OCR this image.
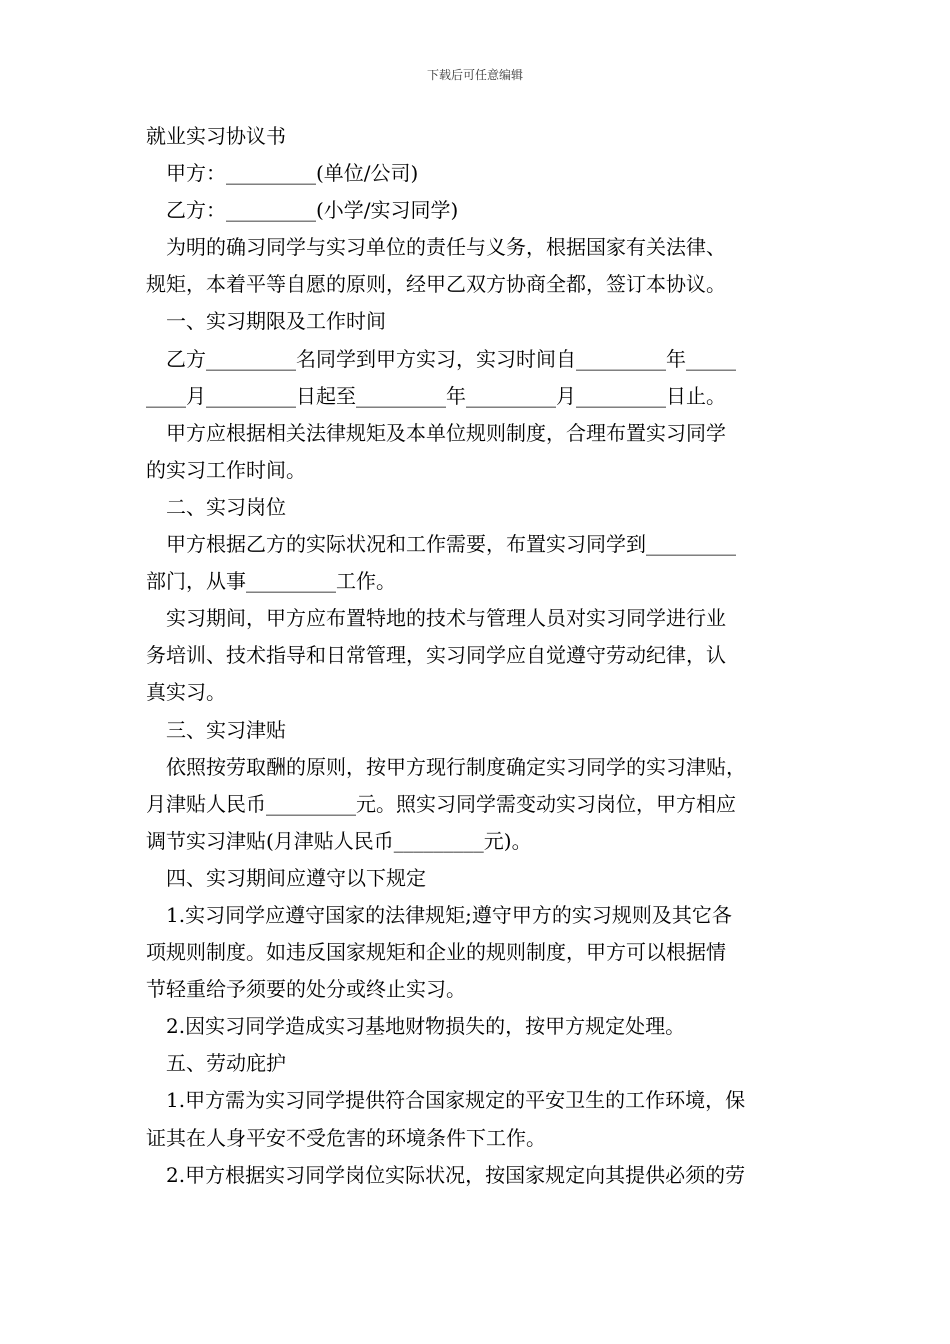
下载后可任意编辑

就业实习协议书

甲方：_________(单位/公司)

乙方：_________(小学/实习同学)

为明的确习同学与实习单位的责任与义务，根据国家有关法律、

规矩，本着平等自愿的原则，经甲乙双方协商全都，签订本协议。

一、实习期限及工作时间

乙方_________名同学到甲方实习，实习时间自_________年_____

____月_________日起至_________年_________月_________日止。

甲方应根据相关法律规矩及本单位规则制度，合理布置实习同学

的实习工作时间。

二、实习岗位

甲方根据乙方的实际状况和工作需要，布置实习同学到_________

部门，从事_________工作。

实习期间，甲方应布置特地的技术与管理人员对实习同学进行业

务培训、技术指导和日常管理，实习同学应自觉遵守劳动纪律，认

真实习。

三、实习津贴

依照按劳取酬的原则，按甲方现行制度确定实习同学的实习津贴，

月津贴人民币_________元。照实习同学需变动实习岗位，甲方相应

调节实习津贴(月津贴人民币_________元)。

四、实习期间应遵守以下规定

1.实习同学应遵守国家的法律规矩;遵守甲方的实习规则及其它各

项规则制度。如违反国家规矩和企业的规则制度，甲方可以根据情

节轻重给予须要的处分或终止实习。

2.因实习同学造成实习基地财物损失的，按甲方规定处理。

五、劳动庇护

1.甲方需为实习同学提供符合国家规定的平安卫生的工作环境，保

证其在人身平安不受危害的环境条件下工作。

2.甲方根据实习同学岗位实际状况，按国家规定向其提供必须的劳
